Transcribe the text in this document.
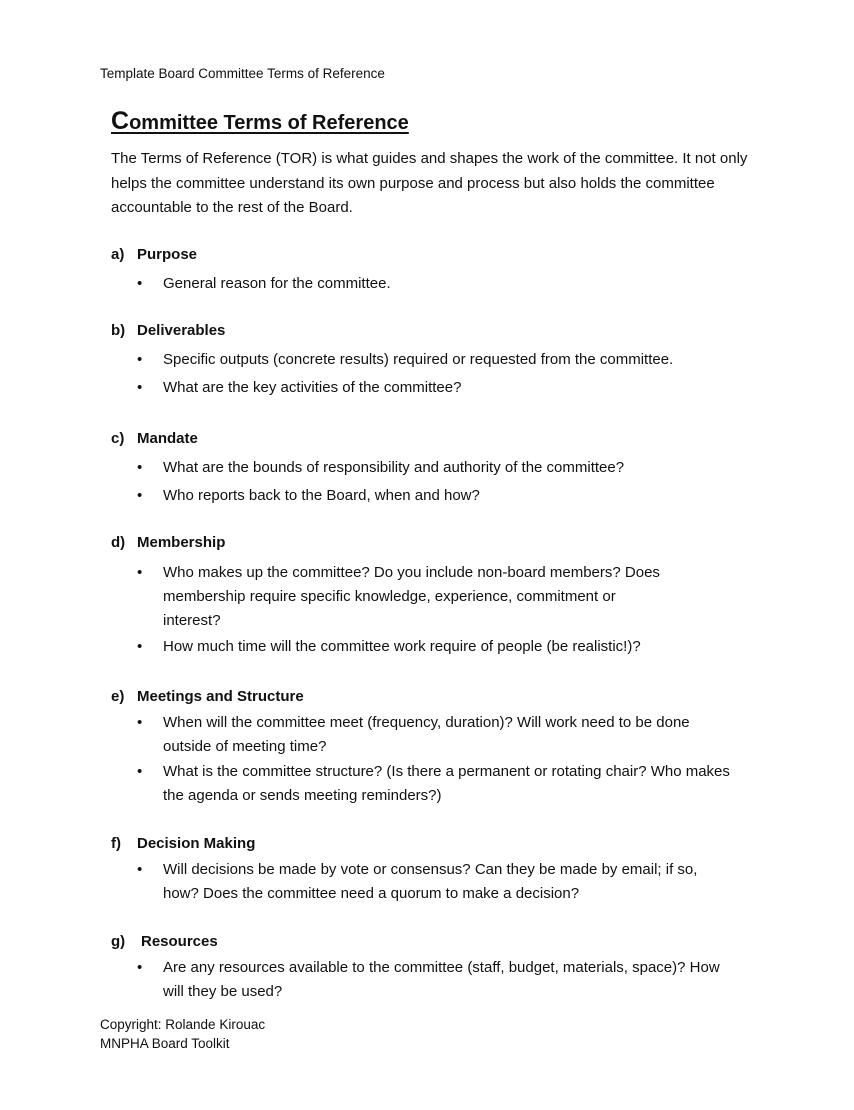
Template Board Committee Terms of Reference
Committee Terms of Reference
The Terms of Reference (TOR) is what guides and shapes the work of the committee. It not only helps the committee understand its own purpose and process but also holds the committee accountable to the rest of the Board.
a) Purpose
• General reason for the committee.
b) Deliverables
• Specific outputs (concrete results) required or requested from the committee.
• What are the key activities of the committee?
c) Mandate
• What are the bounds of responsibility and authority of the committee?
• Who reports back to the Board, when and how?
d) Membership
• Who makes up the committee? Do you include non-board members? Does membership require specific knowledge, experience, commitment or interest?
• How much time will the committee work require of people (be realistic!)?
e) Meetings and Structure
• When will the committee meet (frequency, duration)? Will work need to be done outside of meeting time?
• What is the committee structure? (Is there a permanent or rotating chair? Who makes the agenda or sends meeting reminders?)
f) Decision Making
• Will decisions be made by vote or consensus? Can they be made by email; if so, how? Does the committee need a quorum to make a decision?
g) Resources
• Are any resources available to the committee (staff, budget, materials, space)? How will they be used?
Copyright: Rolande Kirouac
MNPHA Board Toolkit
